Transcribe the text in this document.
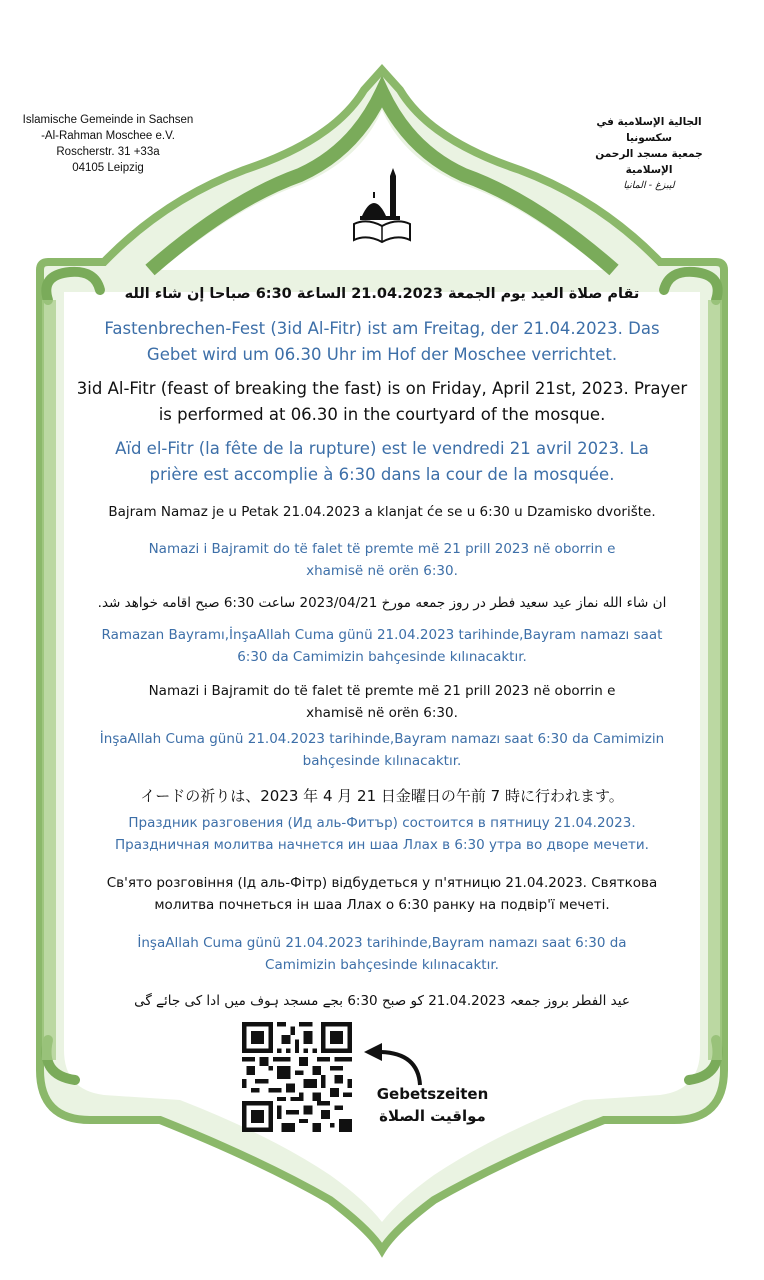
Islamische Gemeinde in Sachsen
-Al-Rahman Moschee e.V.
Roscherstr. 31 +33a
04105 Leipzig
الجالية الإسلامية في سكسونيا
جمعية مسجد الرحمن الإسلامية
ليبزغ - المانيا
تقام صلاة العيد يوم الجمعة 21.04.2023 الساعة 6:30 صباحا إن شاء الله
Fastenbrechen-Fest (3id Al-Fitr) ist am Freitag, der 21.04.2023. Das
Gebet wird um 06.30 Uhr im Hof der Moschee verrichtet.
3id Al-Fitr (feast of breaking the fast) is on Friday, April 21st, 2023. Prayer
is performed at 06.30 in the courtyard of the mosque.
Aïd el-Fitr (la fête de la rupture) est le vendredi 21 avril 2023. La
prière est accomplie à 6:30 dans la cour de la mosquée.
Bajram Namaz je u Petak 21.04.2023 a klanjat će se u 6:30 u Dzamisko dvorište.
Namazi i Bajramit do të falet të premte më 21 prill 2023 në oborrin e
xhamisë në orën 6:30.
ان شاء الله نماز عید سعید فطر در روز جمعه مورخ 2023/04/21 ساعت 6:30 صبح اقامه خواهد شد.
Ramazan Bayramı,İnşaAllah Cuma günü 21.04.2023 tarihinde,Bayram namazı saat
6:30 da Camimizin bahçesinde kılınacaktır.
Namazi i Bajramit do të falet të premte më 21 prill 2023 në oborrin e
xhamisë në orën 6:30.
İnşaAllah Cuma günü 21.04.2023 tarihinde,Bayram namazı saat 6:30 da Camimizin
bahçesinde kılınacaktır.
イードの祈りは、2023 年 4 月 21 日金曜日の午前 7 時に行われます。
Праздник разговения (Ид аль-Фитър) состоится в пятницу 21.04.2023.
Праздничная молитва начнется ин шаа Ллах в 6:30 утра во дворе мечети.
Св'ято розговіння (Ід аль-Фітр) відбудеться у п'ятницю 21.04.2023. Святкова
молитва почнеться ін шаа Ллах о 6:30 ранку на подвір'ї мечеті.
İnşaAllah Cuma günü 21.04.2023 tarihinde,Bayram namazı saat 6:30 da
Camimizin bahçesinde kılınacaktır.
عید الفطر بروز جمعہ 21.04.2023 کو صبح 6:30 بجے مسجد ہوف میں ادا کی جائے گی
Gebetszeiten
مواقيت الصلاة
